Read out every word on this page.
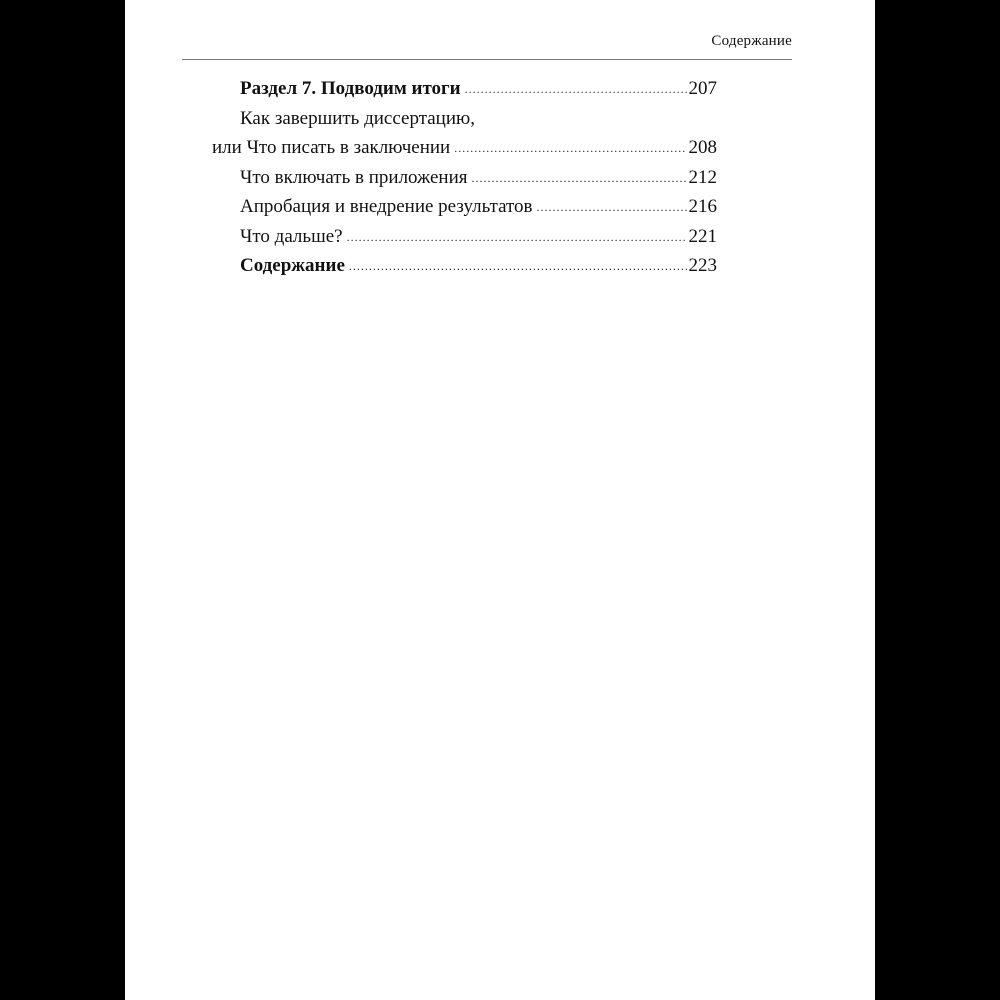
Содержание
Раздел 7. Подводим итоги .....	207
Как завершить диссертацию,
или Что писать в заключении .....	208
Что включать в приложения .....	212
Апробация и внедрение результатов .....	216
Что дальше? .....	221
Содержание .....	223
